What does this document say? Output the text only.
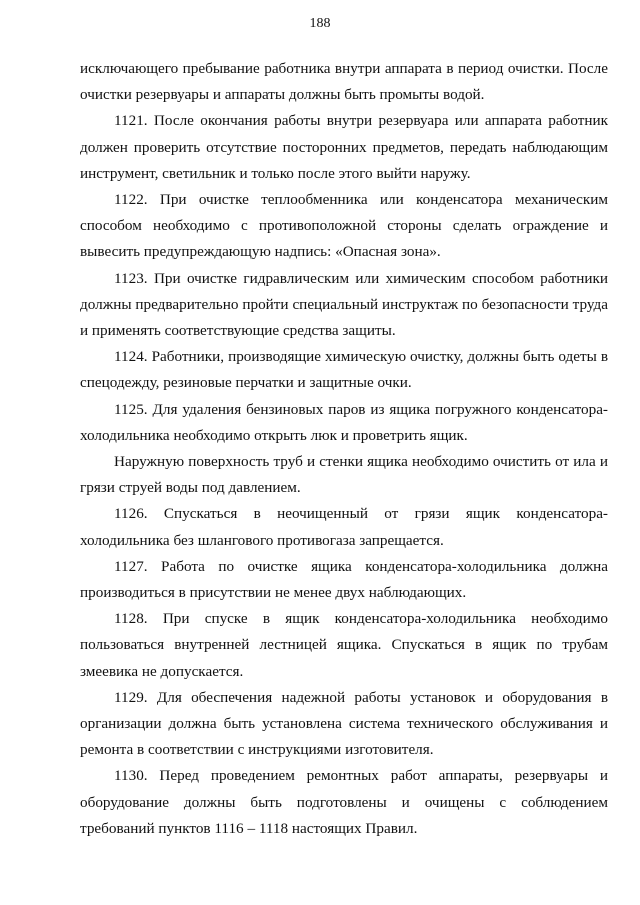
188

исключающего пребывание работника внутри аппарата в период очистки. После очистки резервуары и аппараты должны быть промыты водой.

1121. После окончания работы внутри резервуара или аппарата работник должен проверить отсутствие посторонних предметов, передать наблюдающим инструмент, светильник и только после этого выйти наружу.

1122. При очистке теплообменника или конденсатора механическим способом необходимо с противоположной стороны сделать ограждение и вывесить предупреждающую надпись: «Опасная зона».

1123. При очистке гидравлическим или химическим способом работники должны предварительно пройти специальный инструктаж по безопасности труда и применять соответствующие средства защиты.

1124. Работники, производящие химическую очистку, должны быть одеты в спецодежду, резиновые перчатки и защитные очки.

1125. Для удаления бензиновых паров из ящика погружного конденсатора-холодильника необходимо открыть люк и проветрить ящик.

Наружную поверхность труб и стенки ящика необходимо очистить от ила и грязи струей воды под давлением.

1126. Спускаться в неочищенный от грязи ящик конденсатора-холодильника без шлангового противогаза запрещается.

1127. Работа по очистке ящика конденсатора-холодильника должна производиться в присутствии не менее двух наблюдающих.

1128. При спуске в ящик конденсатора-холодильника необходимо пользоваться внутренней лестницей ящика. Спускаться в ящик по трубам змеевика не допускается.

1129. Для обеспечения надежной работы установок и оборудования в организации должна быть установлена система технического обслуживания и ремонта в соответствии с инструкциями изготовителя.

1130. Перед проведением ремонтных работ аппараты, резервуары и оборудование должны быть подготовлены и очищены с соблюдением требований пунктов 1116 – 1118 настоящих Правил.
